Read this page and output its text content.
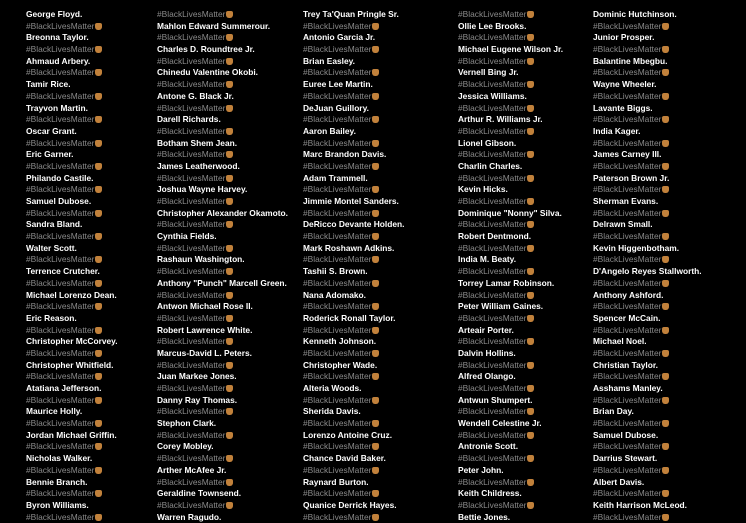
George Floyd.
#BlackLivesMatter
Breonna Taylor.
#BlackLivesMatter
Ahmaud Arbery.
#BlackLivesMatter
Tamir Rice.
#BlackLivesMatter
Trayvon Martin.
#BlackLivesMatter
Oscar Grant.
#BlackLivesMatter
Eric Garner.
#BlackLivesMatter
Philando Castile.
#BlackLivesMatter
Samuel Dubose.
#BlackLivesMatter
Sandra Bland.
#BlackLivesMatter
Walter Scott.
#BlackLivesMatter
Terrence Crutcher.
#BlackLivesMatter
Michael Lorenzo Dean.
#BlackLivesMatter
Eric Reason.
#BlackLivesMatter
Christopher McCorvey.
#BlackLivesMatter
Christopher Whitfield.
#BlackLivesMatter
Atatiana Jefferson.
#BlackLivesMatter
Maurice Holly.
#BlackLivesMatter
Jordan Michael Griffin.
#BlackLivesMatter
Nicholas Walker.
#BlackLivesMatter
Bennie Branch.
#BlackLivesMatter
Byron Williams.
#BlackLivesMatter
#BlackLivesMatter
Mahlon Edward Summerour.
#BlackLivesMatter
Charles D. Roundtree Jr.
#BlackLivesMatter
Chinedu Valentine Okobi.
#BlackLivesMatter
Antone G. Black Jr.
#BlackLivesMatter
Darell Richards.
#BlackLivesMatter
Botham Shem Jean.
#BlackLivesMatter
James Leatherwood.
#BlackLivesMatter
Joshua Wayne Harvey.
#BlackLivesMatter
Christopher Alexander Okamoto.
#BlackLivesMatter
Cynthia Fields.
#BlackLivesMatter
Rashaun Washington.
#BlackLivesMatter
Anthony "Punch" Marcell Green.
#BlackLivesMatter
Antwon Michael Rose II.
#BlackLivesMatter
Robert Lawrence White.
#BlackLivesMatter
Marcus-David L. Peters.
#BlackLivesMatter
Juan Markee Jones.
#BlackLivesMatter
Danny Ray Thomas.
#BlackLivesMatter
Stephon Clark.
#BlackLivesMatter
Corey Mobley.
#BlackLivesMatter
Arther McAfee Jr.
#BlackLivesMatter
Geraldine Townsend.
#BlackLivesMatter
Warren Ragudo.
Trey Ta'Quan Pringle Sr.
#BlackLivesMatter
Antonio Garcia Jr.
#BlackLivesMatter
Brian Easley.
#BlackLivesMatter
Euree Lee Martin.
#BlackLivesMatter
DeJuan Guillory.
#BlackLivesMatter
Aaron Bailey.
#BlackLivesMatter
Marc Brandon Davis.
#BlackLivesMatter
Adam Trammell.
#BlackLivesMatter
Jimmie Montel Sanders.
#BlackLivesMatter
DeRicco Devante Holden.
#BlackLivesMatter
Mark Roshawn Adkins.
#BlackLivesMatter
Tashii S. Brown.
#BlackLivesMatter
Nana Adomako.
#BlackLivesMatter
Roderick Ronall Taylor.
#BlackLivesMatter
Kenneth Johnson.
#BlackLivesMatter
Christopher Wade.
#BlackLivesMatter
Alteria Woods.
#BlackLivesMatter
Sherida Davis.
#BlackLivesMatter
Lorenzo Antoine Cruz.
#BlackLivesMatter
Chance David Baker.
#BlackLivesMatter
Raynard Burton.
#BlackLivesMatter
Quanice Derrick Hayes.
#BlackLivesMatter
#BlackLivesMatter
Ollie Lee Brooks.
#BlackLivesMatter
Michael Eugene Wilson Jr.
#BlackLivesMatter
Vernell Bing Jr.
#BlackLivesMatter
Jessica Williams.
#BlackLivesMatter
Arthur R. Williams Jr.
#BlackLivesMatter
Lionel Gibson.
#BlackLivesMatter
Charlin Charles.
#BlackLivesMatter
Kevin Hicks.
#BlackLivesMatter
Dominique "Nonny" Silva.
#BlackLivesMatter
Robert Dentmond.
#BlackLivesMatter
India M. Beaty.
#BlackLivesMatter
Torrey Lamar Robinson.
#BlackLivesMatter
Peter William Gaines.
#BlackLivesMatter
Arteair Porter.
#BlackLivesMatter
Dalvin Hollins.
#BlackLivesMatter
Alfred Olango.
#BlackLivesMatter
Antwun Shumpert.
#BlackLivesMatter
Wendell Celestine Jr.
#BlackLivesMatter
Antronie Scott.
#BlackLivesMatter
Peter John.
#BlackLivesMatter
Keith Childress.
#BlackLivesMatter
Bettie Jones.
Dominic Hutchinson.
#BlackLivesMatter
Junior Prosper.
#BlackLivesMatter
Balantine Mbegbu.
#BlackLivesMatter
Wayne Wheeler.
#BlackLivesMatter
Lavante Biggs.
#BlackLivesMatter
India Kager.
#BlackLivesMatter
James Carney III.
#BlackLivesMatter
Paterson Brown Jr.
#BlackLivesMatter
Sherman Evans.
#BlackLivesMatter
Delrawn Small.
#BlackLivesMatter
Kevin Higgenbotham.
#BlackLivesMatter
D'Angelo Reyes Stallworth.
#BlackLivesMatter
Anthony Ashford.
#BlackLivesMatter
Spencer McCain.
#BlackLivesMatter
Michael Noel.
#BlackLivesMatter
Christian Taylor.
#BlackLivesMatter
Asshams Manley.
#BlackLivesMatter
Brian Day.
#BlackLivesMatter
Samuel Dubose.
#BlackLivesMatter
Darrius Stewart.
#BlackLivesMatter
Albert Davis.
#BlackLivesMatter
Keith Harrison McLeod.
#BlackLivesMatter
